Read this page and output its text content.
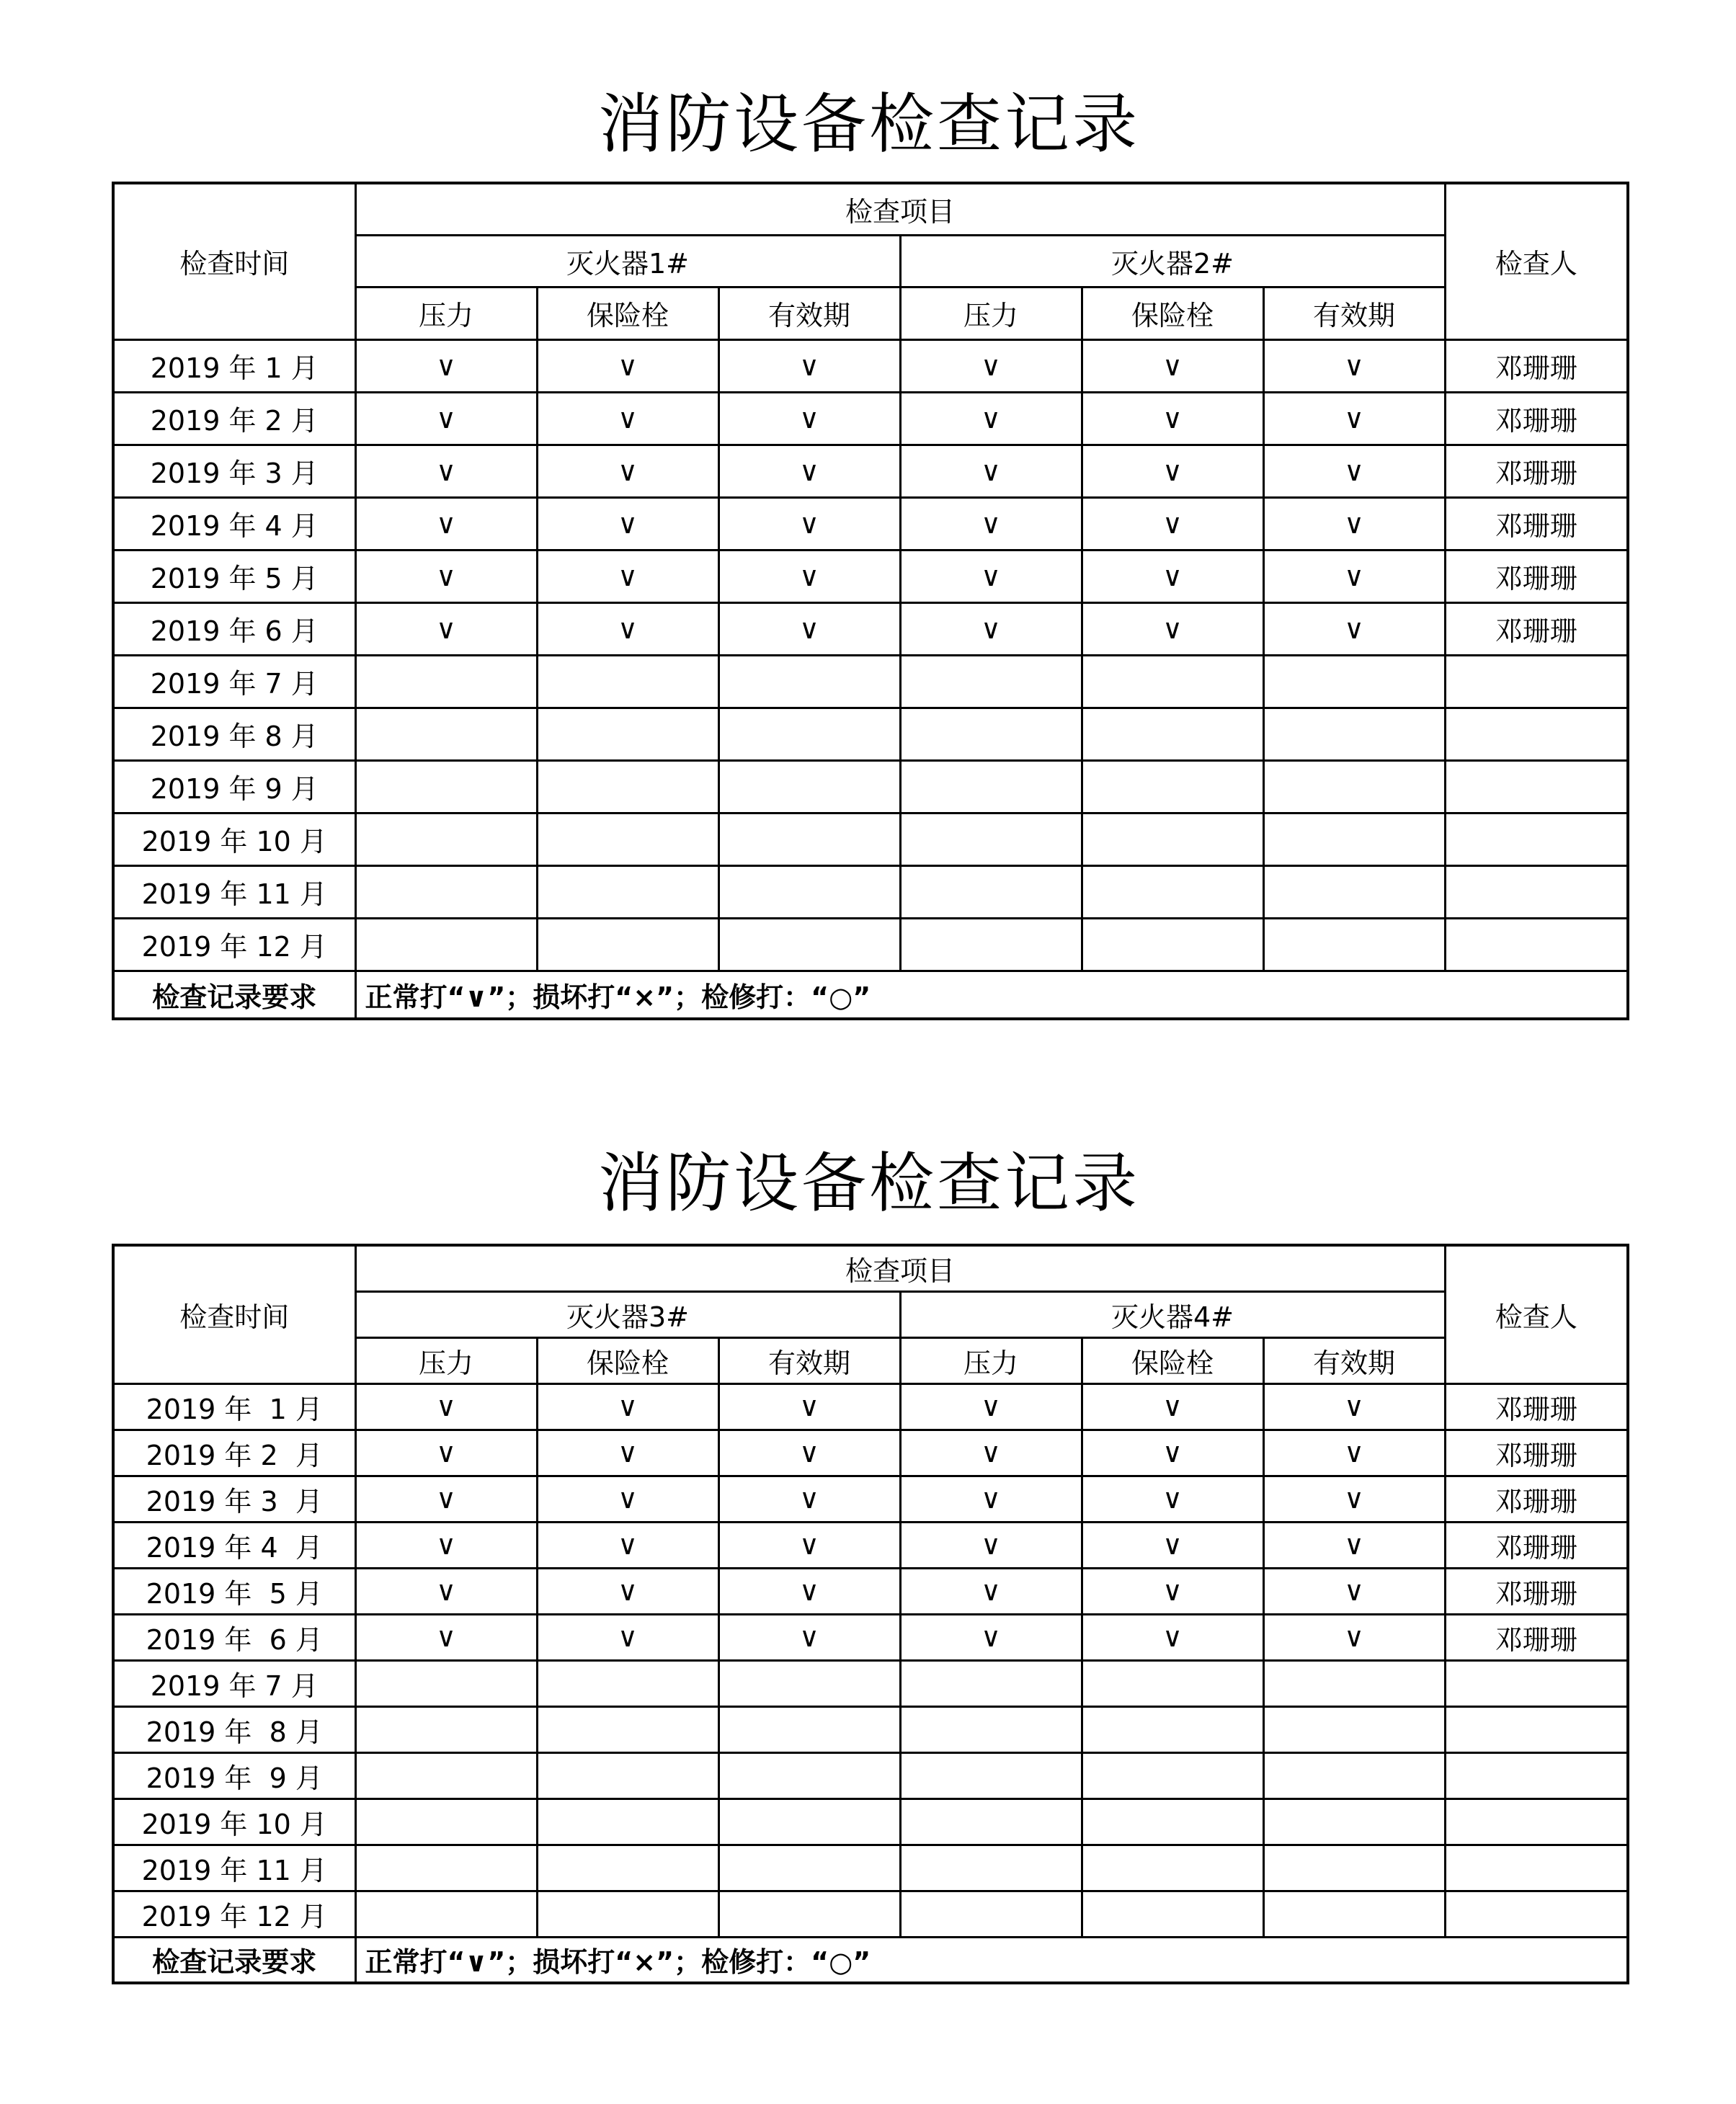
消防设备检查记录
检查时间	检查项目						检查人
	灭火器1#			灭火器2#			
	压力	保险栓	有效期	压力	保险栓	有效期	
2019 年 1 月	∨	∨	∨	∨	∨	∨	邓珊珊
2019 年 2 月	∨	∨	∨	∨	∨	∨	邓珊珊
2019 年 3 月	∨	∨	∨	∨	∨	∨	邓珊珊
2019 年 4 月	∨	∨	∨	∨	∨	∨	邓珊珊
2019 年 5 月	∨	∨	∨	∨	∨	∨	邓珊珊
2019 年 6 月	∨	∨	∨	∨	∨	∨	邓珊珊
2019 年 7 月							
2019 年 8 月							
2019 年 9 月							
2019 年 10 月							
2019 年 11 月							
2019 年 12 月							
检查记录要求	正常打“∨”；损坏打“×”；检修打：“○”						
消防设备检查记录
检查时间	检查项目						检查人
	灭火器3#			灭火器4#			
	压力	保险栓	有效期	压力	保险栓	有效期	
2019 年  1 月	∨	∨	∨	∨	∨	∨	邓珊珊
2019 年 2  月	∨	∨	∨	∨	∨	∨	邓珊珊
2019 年 3  月	∨	∨	∨	∨	∨	∨	邓珊珊
2019 年 4  月	∨	∨	∨	∨	∨	∨	邓珊珊
2019 年  5 月	∨	∨	∨	∨	∨	∨	邓珊珊
2019 年  6 月	∨	∨	∨	∨	∨	∨	邓珊珊
2019 年 7 月							
2019 年  8 月							
2019 年  9 月							
2019 年 10 月							
2019 年 11 月							
2019 年 12 月							
检查记录要求	正常打“∨”；损坏打“×”；检修打：“○”						
